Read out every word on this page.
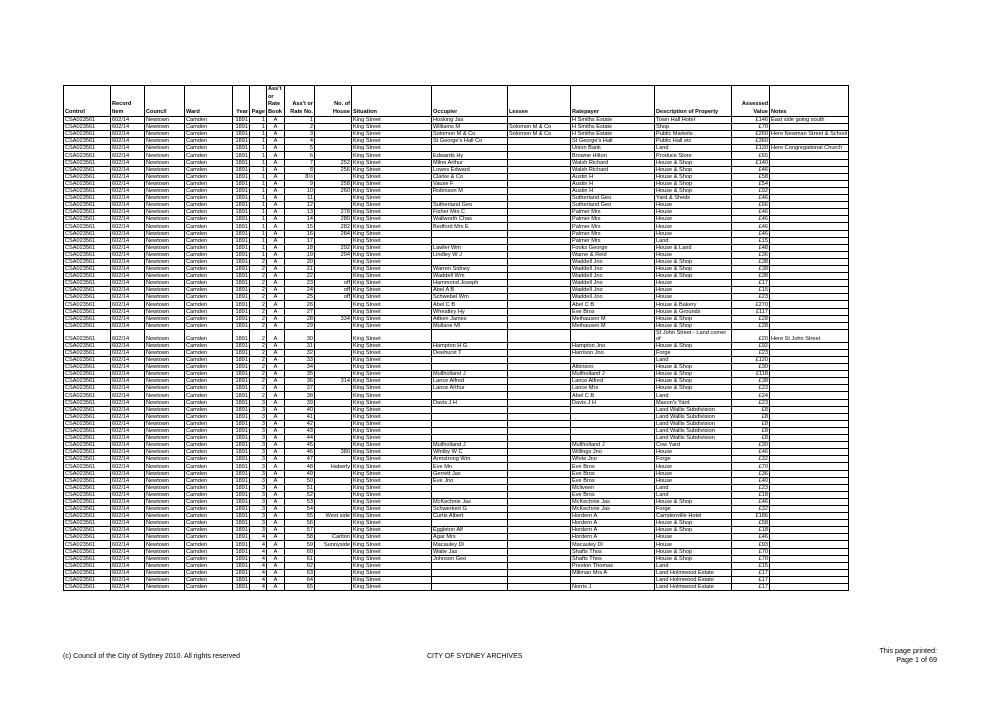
Control	Record Item	Council	Ward	Year	Page	Ass't or Rate Book	Ass't or Rate No.	No. of House	Situation	Occupier	Lessee	Ratepayer	Description of Property	Assessed Value	Notes
CSA023561	602/14	Newtown	Camden	1891	1	A	1		King Street	Hosking Jas		H Smiths Estate	Town Hall Hotel	£146	East side going south
CSA023561	602/14	Newtown	Camden	1891	1	A	2		King Street	Williams M	Solomon M & Co	H Smiths Estate	Shop	£70	
CSA023561	602/14	Newtown	Camden	1891	1	A	3		King Street	Solomon M & Co	Solomon M & Co	H Smiths Estate	Public Markets	£260	Here Newman Street & School
CSA023561	602/14	Newtown	Camden	1891	1	A	4		King Street	St George's Hall Co		St George's Hall	Public Hall etc	£360	
CSA023561	602/14	Newtown	Camden	1891	1	A	5		King Street			Union Bank	Land	£120	Here Congregational Church
CSA023561	602/14	Newtown	Camden	1891	1	A	6		King Street	Edwards Hy		Browne Hilton	Produce Store	£65	
CSA023561	602/14	Newtown	Camden	1891	1	A	7	252	King Street	Milne Arthur		Walsh Richard	House & Shop	£140	
CSA023561	602/14	Newtown	Camden	1891	1	A	8	256	King Street	Lowes Edward		Walsh Richard	House & Shop	£46	
CSA023561	602/14	Newtown	Camden	1891	1	A	8½		King Street	Clarke & Co		Austin H	House & Shop	£58	
CSA023561	602/14	Newtown	Camden	1891	1	A	9	258	King Street	Vause F		Austin H	House & Shop	£54	
CSA023561	602/14	Newtown	Camden	1891	1	A	10	260	King Street	Robinson M		Austin H	House & Shop	£92	
CSA023561	602/14	Newtown	Camden	1891	1	A	11		King Street			Sutherland Geo	Yard & Sheds	£46	
CSA023561	602/14	Newtown	Camden	1891	1	A	12		King Street	Sutherland Geo		Sutherland Geo	House	£66	
CSA023561	602/14	Newtown	Camden	1891	1	A	13	278	King Street	Fisher Mrs C		Palmer Mrs	House	£46	
CSA023561	602/14	Newtown	Camden	1891	1	A	14	280	King Street	Wallworth Chas		Palmer Mrs	House	£46	
CSA023561	602/14	Newtown	Camden	1891	1	A	15	282	King Street	Bedford Mrs E		Palmer Mrs	House	£46	
CSA023561	602/14	Newtown	Camden	1891	1	A	16	284	King Street			Palmer Mrs	House	£46	
CSA023561	602/14	Newtown	Camden	1891	1	A	17		King Street			Palmer Mrs	Land	£15	
CSA023561	602/14	Newtown	Camden	1891	1	A	18	292	King Street	Lawler Wm		Fooks George	House & Land	£48	
CSA023561	602/14	Newtown	Camden	1891	1	A	19	294	King Street	Lindley W J		Warne & Reid	House	£36	
CSA023561	602/14	Newtown	Camden	1891	2	A	20		King Street			Waddell Jno	House & Shop	£38	
CSA023561	602/14	Newtown	Camden	1891	2	A	21		King Street	Warren Sidney		Waddell Jno	House & Shop	£38	
CSA023561	602/14	Newtown	Camden	1891	2	A	22		King Street	Waddell Wm		Waddell Jno	House & Shop	£38	
CSA023561	602/14	Newtown	Camden	1891	2	A	23	off	King Street	Hammond Joseph		Waddell Jno	House	£17	
CSA023561	602/14	Newtown	Camden	1891	2	A	24	off	King Street	Abel A B		Waddell Jno	House	£15	
CSA023561	602/14	Newtown	Camden	1891	2	A	25	off	King Street	Schwebel Wm		Waddell Jno	House	£23	
CSA023561	602/14	Newtown	Camden	1891	2	A	26		King Street	Abel C B		Abel C B	House & Bakery	£270	
CSA023561	602/14	Newtown	Camden	1891	2	A	27		King Street	Wheatley Hy		Eve Bros	House & Grounds	£117	
CSA023561	602/14	Newtown	Camden	1891	2	A	28	334	King Street	Aitken James		Meihausen M	House & Shop	£28	
CSA023561	602/14	Newtown	Camden	1891	2	A	29		King Street	Mullane Ml		Meihausen M	House & Shop	£28	
CSA023561	602/14	Newtown	Camden	1891	2	A	30		King Street				St John Street - Land corner of	£20	Here St John Street
CSA023561	602/14	Newtown	Camden	1891	2	A	31		King Street	Hampton H G		Hampton Jno	House & Shop	£92	
CSA023561	602/14	Newtown	Camden	1891	2	A	32		King Street	Dewhurst T		Harrison Jno	Forge	£23	
CSA023561	602/14	Newtown	Camden	1891	2	A	33		King Street				Land	£120	
CSA023561	602/14	Newtown	Camden	1891	2	A	34		King Street			Atkinson	House & Shop	£30	
CSA023561	602/14	Newtown	Camden	1891	2	A	35		King Street	Mullholland J		Mullholland J	House & Shop	£118	
CSA023561	602/14	Newtown	Camden	1891	2	A	36	314	King Street	Lance Alfred		Lance Alfred	House & Shop	£38	
CSA023561	602/14	Newtown	Camden	1891	2	A	37		King Street	Lance Arthur		Lance Mrs	House & Shop	£23	
CSA023561	602/14	Newtown	Camden	1891	2	A	38		King Street			Abel C B	Land	£24	
CSA023561	602/14	Newtown	Camden	1891	3	A	39		King Street	Davis J H		Davis J H	Mason's Yard	£23	
CSA023561	602/14	Newtown	Camden	1891	3	A	40		King Street				Land Wallis Subdivision	£8	
CSA023561	602/14	Newtown	Camden	1891	3	A	41		King Street				Land Wallis Subdivision	£8	
CSA023561	602/14	Newtown	Camden	1891	3	A	42		King Street				Land Wallis Subdivision	£8	
CSA023561	602/14	Newtown	Camden	1891	3	A	43		King Street				Land Wallis Subdivision	£8	
CSA023561	602/14	Newtown	Camden	1891	3	A	44		King Street				Land Wallis Subdivision	£8	
CSA023561	602/14	Newtown	Camden	1891	3	A	45		King Street	Mullholland J		Mullholland J	Cow Yard	£30	
CSA023561	602/14	Newtown	Camden	1891	3	A	46	380	King Street	Whitby W C		Willings Jno	House	£46	
CSA023561	602/14	Newtown	Camden	1891	3	A	47		King Street	Armstrong Wm		White Jno	Forge	£32	
CSA023561	602/14	Newtown	Camden	1891	3	A	48	Haberly	King Street	Eve Mn		Eve Bros	House	£70	
CSA023561	602/14	Newtown	Camden	1891	3	A	49		King Street	Gerrett Jas		Eve Bros	House	£36	
CSA023561	602/14	Newtown	Camden	1891	3	A	50		King Street	Eve Jno		Eve Bros	House	£40	
CSA023561	602/14	Newtown	Camden	1891	3	A	51		King Street			Mcliveen	Land	£23	
CSA023561	602/14	Newtown	Camden	1891	3	A	52		King Street			Eve Bros	Land	£18	
CSA023561	602/14	Newtown	Camden	1891	3	A	53		King Street	McKechnie Jas		McKechnie Jas	House & Shop	£46	
CSA023561	602/14	Newtown	Camden	1891	3	A	54		King Street	Schwerkert G		McKechnie Jas	Forge	£32	
CSA023561	602/14	Newtown	Camden	1891	3	A	55	West side	King Street	Curtis Albert		Hordern A	Camdenville Hotel	£186	
CSA023561	602/14	Newtown	Camden	1891	3	A	56		King Street			Hordern A	House & Shop	£58	
CSA023561	602/14	Newtown	Camden	1891	3	A	57		King Street	Eggleton Alf		Hordern A	House & Shop	£18	
CSA023561	602/14	Newtown	Camden	1891	4	A	58	Carlton	King Street	Agar Mrs		Hordern A	House	£46	
CSA023561	602/14	Newtown	Camden	1891	4	A	59	Sunnyside	King Street	Macauley Dl		Macauley Dl	House	£93	
CSA023561	602/14	Newtown	Camden	1891	4	A	60		King Street	Waite Jas		Shafts Thos	House & Shop	£70	
CSA023561	602/14	Newtown	Camden	1891	4	A	61		King Street	Johnson Geo		Shafts Thos	House & Shop	£70	
CSA023561	602/14	Newtown	Camden	1891	4	A	62		King Street			Preston Thomas	Land	£15	
CSA023561	602/14	Newtown	Camden	1891	4	A	63		King Street			Millman Mrs A	Land Holmwood Estate	£17	
CSA023561	602/14	Newtown	Camden	1891	4	A	64		King Street				Land Holmwood Estate	£17	
CSA023561	602/14	Newtown	Camden	1891	4	A	65		King Street			Norris J	Land Holmwood Estate	£17	
(c) Council of the City of Sydney 2010. All rights reserved	CITY OF SYDNEY ARCHIVES
This page printed:
Page 1 of 69
